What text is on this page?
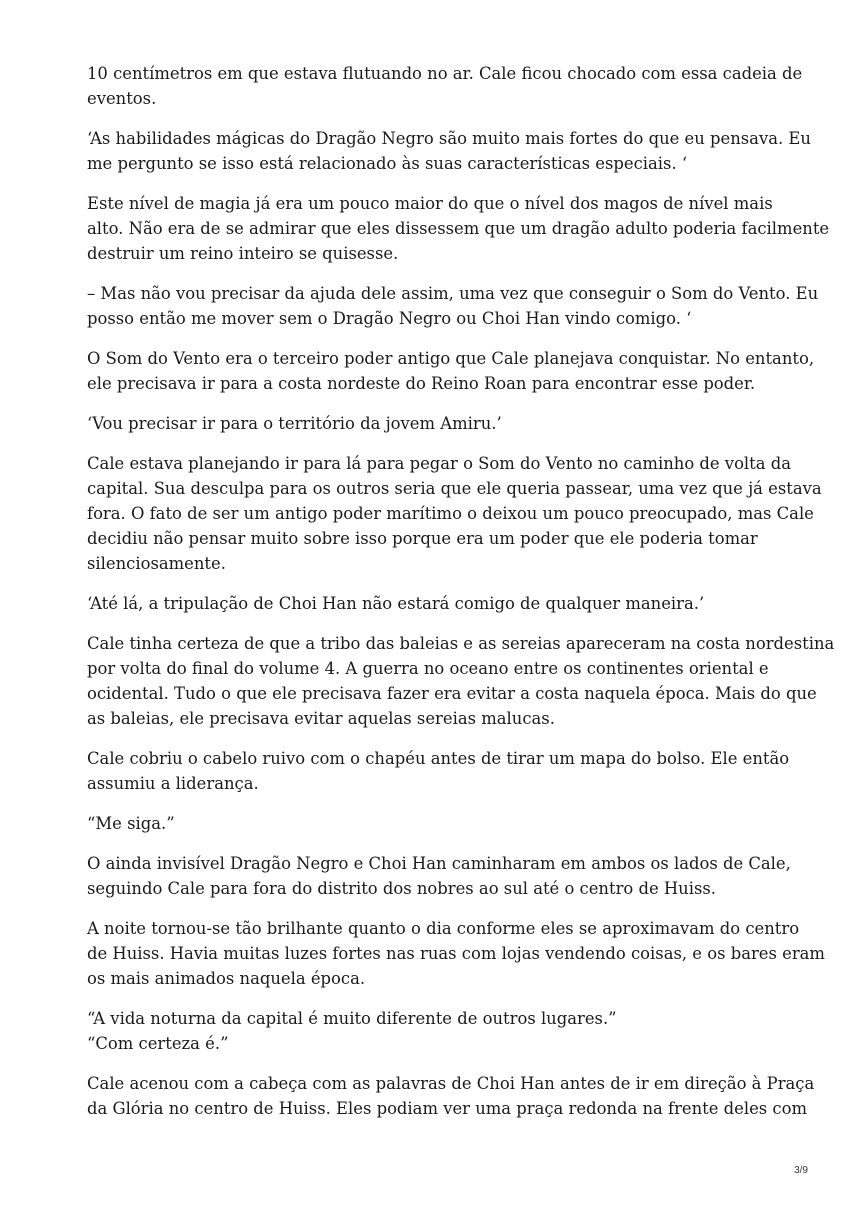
10 centímetros em que estava flutuando no ar. Cale ficou chocado com essa cadeia de
eventos.

‘As habilidades mágicas do Dragão Negro são muito mais fortes do que eu pensava. Eu
me pergunto se isso está relacionado às suas características especiais. ‘

Este nível de magia já era um pouco maior do que o nível dos magos de nível mais
alto. Não era de se admirar que eles dissessem que um dragão adulto poderia facilmente
destruir um reino inteiro se quisesse.

– Mas não vou precisar da ajuda dele assim, uma vez que conseguir o Som do Vento. Eu
posso então me mover sem o Dragão Negro ou Choi Han vindo comigo. ‘

O Som do Vento era o terceiro poder antigo que Cale planejava conquistar. No entanto,
ele precisava ir para a costa nordeste do Reino Roan para encontrar esse poder.

‘Vou precisar ir para o território da jovem Amiru.’

Cale estava planejando ir para lá para pegar o Som do Vento no caminho de volta da
capital. Sua desculpa para os outros seria que ele queria passear, uma vez que já estava
fora. O fato de ser um antigo poder marítimo o deixou um pouco preocupado, mas Cale
decidiu não pensar muito sobre isso porque era um poder que ele poderia tomar
silenciosamente.

‘Até lá, a tripulação de Choi Han não estará comigo de qualquer maneira.’

Cale tinha certeza de que a tribo das baleias e as sereias apareceram na costa nordestina
por volta do final do volume 4. A guerra no oceano entre os continentes oriental e
ocidental. Tudo o que ele precisava fazer era evitar a costa naquela época. Mais do que
as baleias, ele precisava evitar aquelas sereias malucas.

Cale cobriu o cabelo ruivo com o chapéu antes de tirar um mapa do bolso. Ele então
assumiu a liderança.

“Me siga.”

O ainda invisível Dragão Negro e Choi Han caminharam em ambos os lados de Cale,
seguindo Cale para fora do distrito dos nobres ao sul até o centro de Huiss.

A noite tornou-se tão brilhante quanto o dia conforme eles se aproximavam do centro
de Huiss. Havia muitas luzes fortes nas ruas com lojas vendendo coisas, e os bares eram
os mais animados naquela época.

“A vida noturna da capital é muito diferente de outros lugares.”
“Com certeza é.”

Cale acenou com a cabeça com as palavras de Choi Han antes de ir em direção à Praça
da Glória no centro de Huiss. Eles podiam ver uma praça redonda na frente deles com

3/9
